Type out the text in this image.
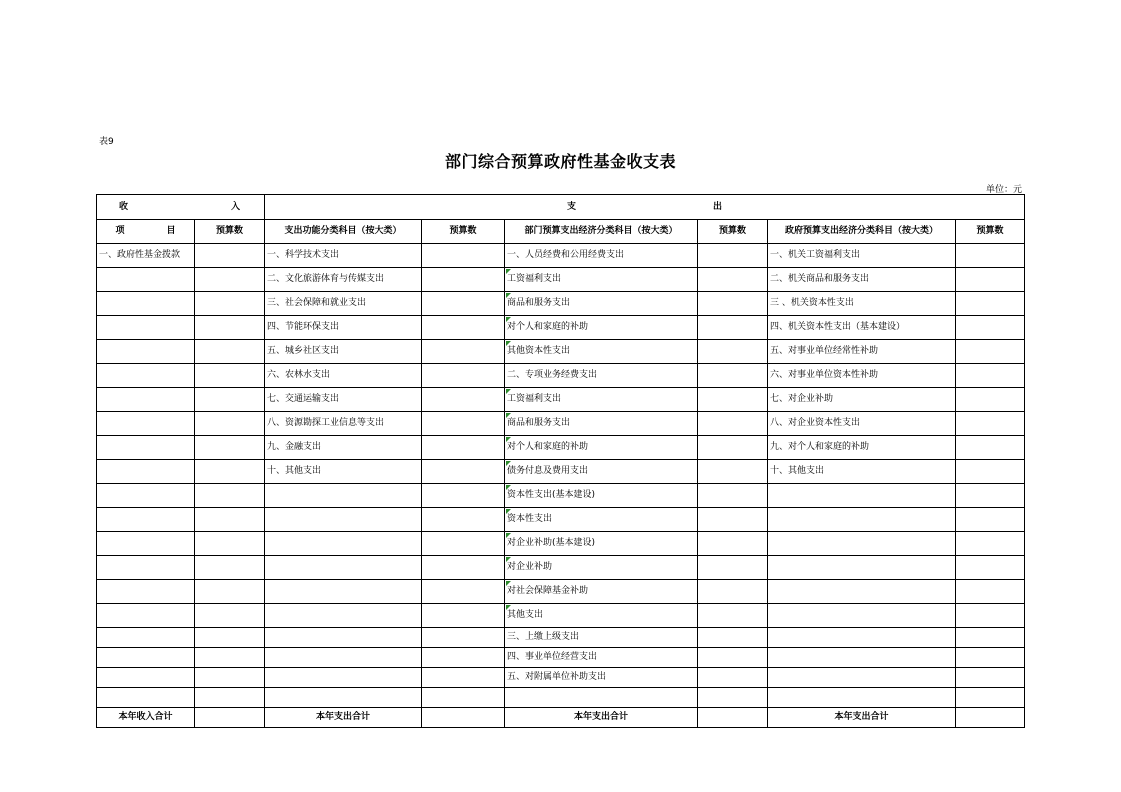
表9
部门综合预算政府性基金收支表
单位：元
收 入		支 出					

项 目	预算数	支出功能分类科目（按大类）	预算数	部门预算支出经济分类科目（按大类）	预算数	政府预算支出经济分类科目（按大类）	预算数
一、政府性基金拨款		一、科学技术支出		一、人员经费和公用经费支出		一、机关工资福利支出	
		二、文化旅游体育与传媒支出		工资福利支出		二、机关商品和服务支出	
		三、社会保障和就业支出		商品和服务支出		三 、机关资本性支出	
		四、节能环保支出		对个人和家庭的补助		四、机关资本性支出（基本建设）	
		五、城乡社区支出		其他资本性支出		五、对事业单位经常性补助	
		六、农林水支出		二、专项业务经费支出		六、对事业单位资本性补助	
		七、交通运输支出		工资福利支出		七、对企业补助	
		八、资源勘探工业信息等支出		商品和服务支出		八、对企业资本性支出	
		九、金融支出		对个人和家庭的补助		九、对个人和家庭的补助	
		十、其他支出		债务付息及费用支出		十、其他支出	
				资本性支出(基本建设)			
				资本性支出			
				对企业补助(基本建设)			
				对企业补助			
				对社会保障基金补助			
				其他支出			
				三、上缴上级支出			
				四、事业单位经营支出			
				五、对附属单位补助支出			

本年收入合计		本年支出合计		本年支出合计		本年支出合计	
